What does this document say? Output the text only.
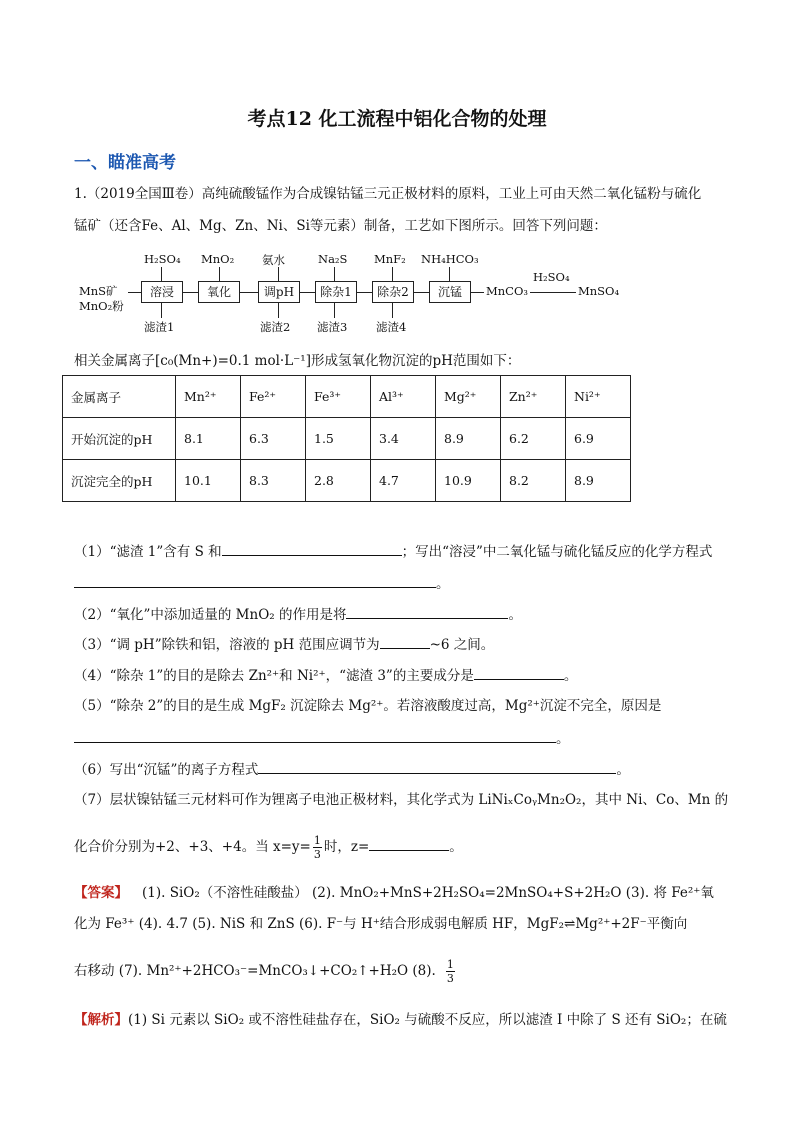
考点12 化工流程中铝化合物的处理
一、瞄准高考
1.（2019全国Ⅲ卷）高纯硫酸锰作为合成镍钴锰三元正极材料的原料，工业上可由天然二氧化锰粉与硫化
锰矿（还含Fe、Al、Mg、Zn、Ni、Si等元素）制备，工艺如下图所示。回答下列问题：
MnS矿
MnO₂粉
H₂SO₄
溶浸
滤渣1
MnO₂
氧化
氨水
调pH
滤渣2
Na₂S
除杂1
滤渣3
MnF₂
除杂2
滤渣4
NH₄HCO₃
沉锰	MnCO₃
H₂SO₄
MnSO₄
相关金属离子[c₀(Mn+)=0.1 mol·L⁻¹]形成氢氧化物沉淀的pH范围如下：
金属离子	Mn²⁺	Fe²⁺	Fe³⁺	Al³⁺	Mg²⁺	Zn²⁺	Ni²⁺
开始沉淀的pH	8.1	6.3	1.5	3.4	8.9	6.2	6.9
沉淀完全的pH	10.1	8.3	2.8	4.7	10.9	8.2	8.9
（1）“滤渣 1”含有 S 和	；写出“溶浸”中二氧化锰与硫化锰反应的化学方程式
。
（2）“氧化”中添加适量的 MnO₂ 的作用是将	。
（3）“调 pH”除铁和铝，溶液的 pH 范围应调节为	~6 之间。
（4）“除杂 1”的目的是除去 Zn²⁺和 Ni²⁺，“滤渣 3”的主要成分是	。
（5）“除杂 2”的目的是生成 MgF₂ 沉淀除去 Mg²⁺。若溶液酸度过高，Mg²⁺沉淀不完全，原因是
。
（6）写出“沉锰”的离子方程式	。
（7）层状镍钴锰三元材料可作为锂离子电池正极材料，其化学式为 LiNiₓCoᵧMn₂O₂，其中 Ni、Co、Mn 的
化合价分别为+2、+3、+4。当 $x=y= \frac{1}{3}$ 时，z=	。
【答案】 (1). SiO₂（不溶性硅酸盐） (2). MnO₂+MnS+2H₂SO₄=2MnSO₄+S+2H₂O (3). 将 Fe²⁺氧
化为 Fe³⁺ (4). 4.7 (5). NiS 和 ZnS (6). F⁻与 H⁺结合形成弱电解质 HF，MgF₂⇌Mg²⁺+2F⁻平衡向
右移动 (7). Mn²⁺+2HCO₃⁻=MnCO₃↓+CO₂↑+H₂O (8). $\frac{1}{3}$
【解析】(1) Si 元素以 SiO₂ 或不溶性硅盐存在，SiO₂ 与硫酸不反应，所以滤渣 I 中除了 S 还有 SiO₂；在硫
